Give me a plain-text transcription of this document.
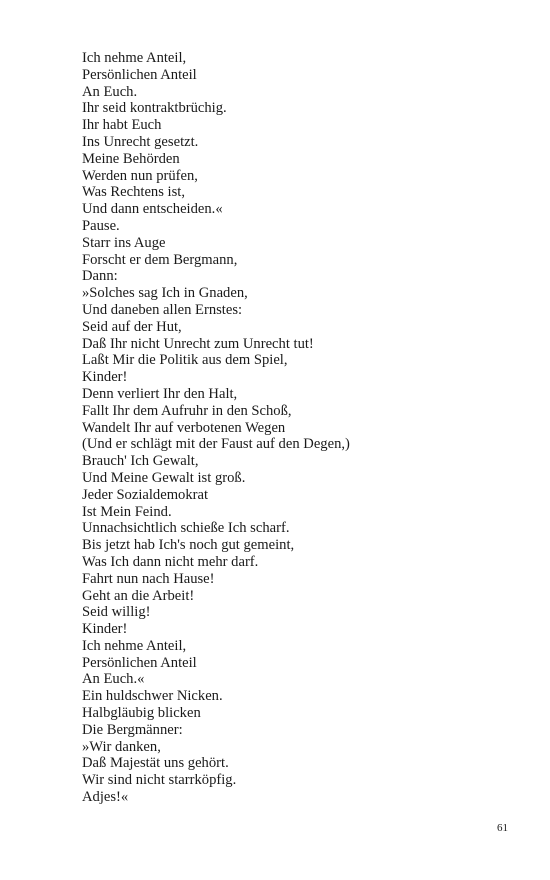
Ich nehme Anteil,
Persönlichen Anteil
An Euch.
Ihr seid kontraktbrüchig.
Ihr habt Euch
Ins Unrecht gesetzt.
Meine Behörden
Werden nun prüfen,
Was Rechtens ist,
Und dann entscheiden.«
Pause.
Starr ins Auge
Forscht er dem Bergmann,
Dann:
»Solches sag Ich in Gnaden,
Und daneben allen Ernstes:
Seid auf der Hut,
Daß Ihr nicht Unrecht zum Unrecht tut!
Laßt Mir die Politik aus dem Spiel,
Kinder!
Denn verliert Ihr den Halt,
Fallt Ihr dem Aufruhr in den Schoß,
Wandelt Ihr auf verbotenen Wegen
(Und er schlägt mit der Faust auf den Degen,)
Brauch' Ich Gewalt,
Und Meine Gewalt ist groß.
Jeder Sozialdemokrat
Ist Mein Feind.
Unnachsichtlich schieße Ich scharf.
Bis jetzt hab Ich's noch gut gemeint,
Was Ich dann nicht mehr darf.
Fahrt nun nach Hause!
Geht an die Arbeit!
Seid willig!
Kinder!
Ich nehme Anteil,
Persönlichen Anteil
An Euch.«
Ein huldschwer Nicken.
Halbgläubig blicken
Die Bergmänner:
»Wir danken,
Daß Majestät uns gehört.
Wir sind nicht starrköpfig.
Adjes!«
61
